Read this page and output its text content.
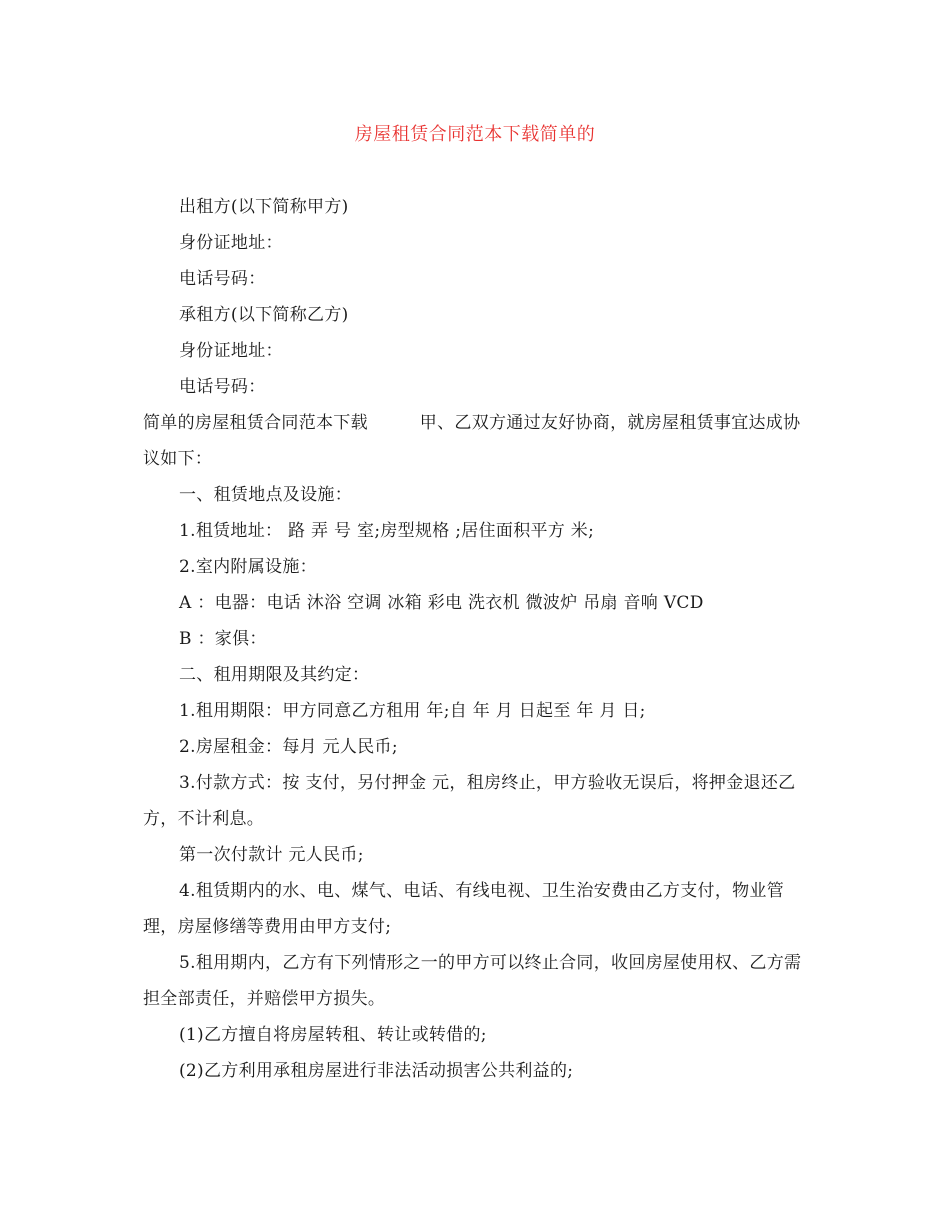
房屋租赁合同范本下载简单的
出租方(以下简称甲方)
身份证地址：
电话号码：
承租方(以下简称乙方)
身份证地址：
电话号码：
简单的房屋租赁合同范本下载　　　甲、乙双方通过友好协商，就房屋租赁事宜达成协议如下：
一、租赁地点及设施：
1.租赁地址： 路 弄 号 室;房型规格 ;居住面积平方 米;
2.室内附属设施：
A ：电器：电话 沐浴 空调 冰箱 彩电 洗衣机 微波炉 吊扇 音响 VCD
B ：家俱：
二、租用期限及其约定：
1.租用期限：甲方同意乙方租用 年;自 年 月 日起至 年 月 日;
2.房屋租金：每月 元人民币;
3.付款方式：按 支付，另付押金 元，租房终止，甲方验收无误后，将押金退还乙方，不计利息。
第一次付款计 元人民币;
4.租赁期内的水、电、煤气、电话、有线电视、卫生治安费由乙方支付，物业管理，房屋修缮等费用由甲方支付;
5.租用期内，乙方有下列情形之一的甲方可以终止合同，收回房屋使用权、乙方需担全部责任，并赔偿甲方损失。
(1)乙方擅自将房屋转租、转让或转借的;
(2)乙方利用承租房屋进行非法活动损害公共利益的;
